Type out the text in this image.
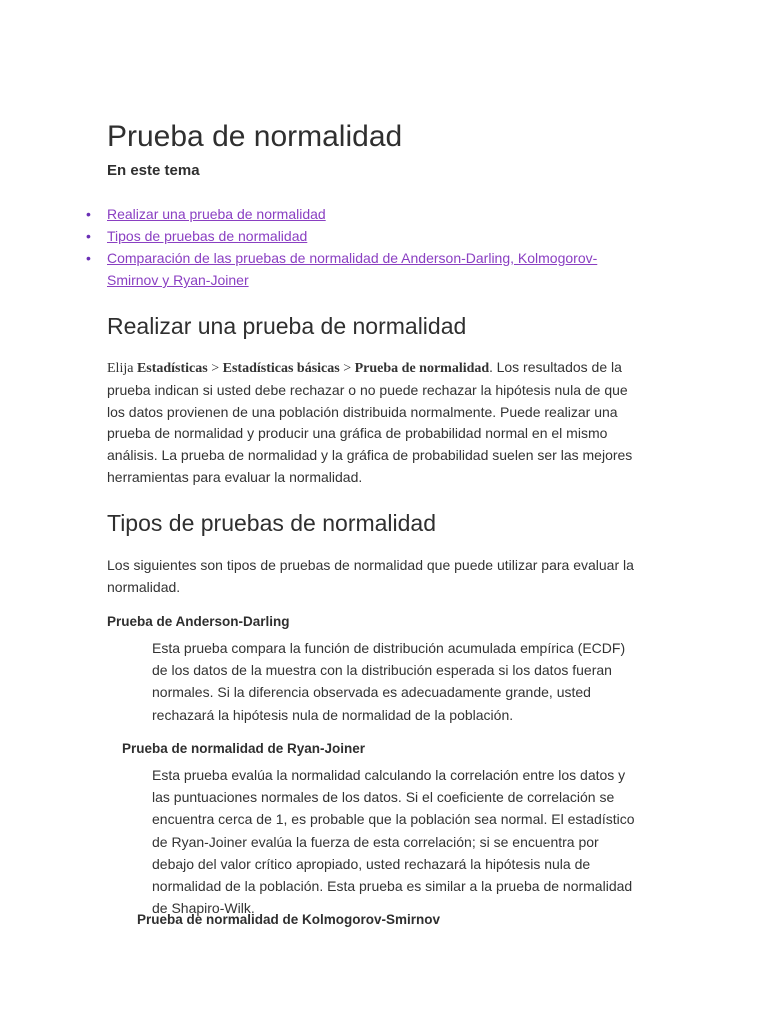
Prueba de normalidad
En este tema
• Realizar una prueba de normalidad
• Tipos de pruebas de normalidad
• Comparación de las pruebas de normalidad de Anderson-Darling, Kolmogorov-Smirnov y Ryan-Joiner
Realizar una prueba de normalidad

Elija Estadísticas > Estadísticas básicas > Prueba de normalidad. Los resultados de la prueba indican si usted debe rechazar o no puede rechazar la hipótesis nula de que los datos provienen de una población distribuida normalmente. Puede realizar una prueba de normalidad y producir una gráfica de probabilidad normal en el mismo análisis. La prueba de normalidad y la gráfica de probabilidad suelen ser las mejores herramientas para evaluar la normalidad.

Tipos de pruebas de normalidad

Los siguientes son tipos de pruebas de normalidad que puede utilizar para evaluar la normalidad.

Prueba de Anderson-Darling

Esta prueba compara la función de distribución acumulada empírica (ECDF) de los datos de la muestra con la distribución esperada si los datos fueran normales. Si la diferencia observada es adecuadamente grande, usted rechazará la hipótesis nula de normalidad de la población.

Prueba de normalidad de Ryan-Joiner

Esta prueba evalúa la normalidad calculando la correlación entre los datos y las puntuaciones normales de los datos. Si el coeficiente de correlación se encuentra cerca de 1, es probable que la población sea normal. El estadístico de Ryan-Joiner evalúa la fuerza de esta correlación; si se encuentra por debajo del valor crítico apropiado, usted rechazará la hipótesis nula de normalidad de la población. Esta prueba es similar a la prueba de normalidad de Shapiro-Wilk.

Prueba de normalidad de Kolmogorov-Smirnov
